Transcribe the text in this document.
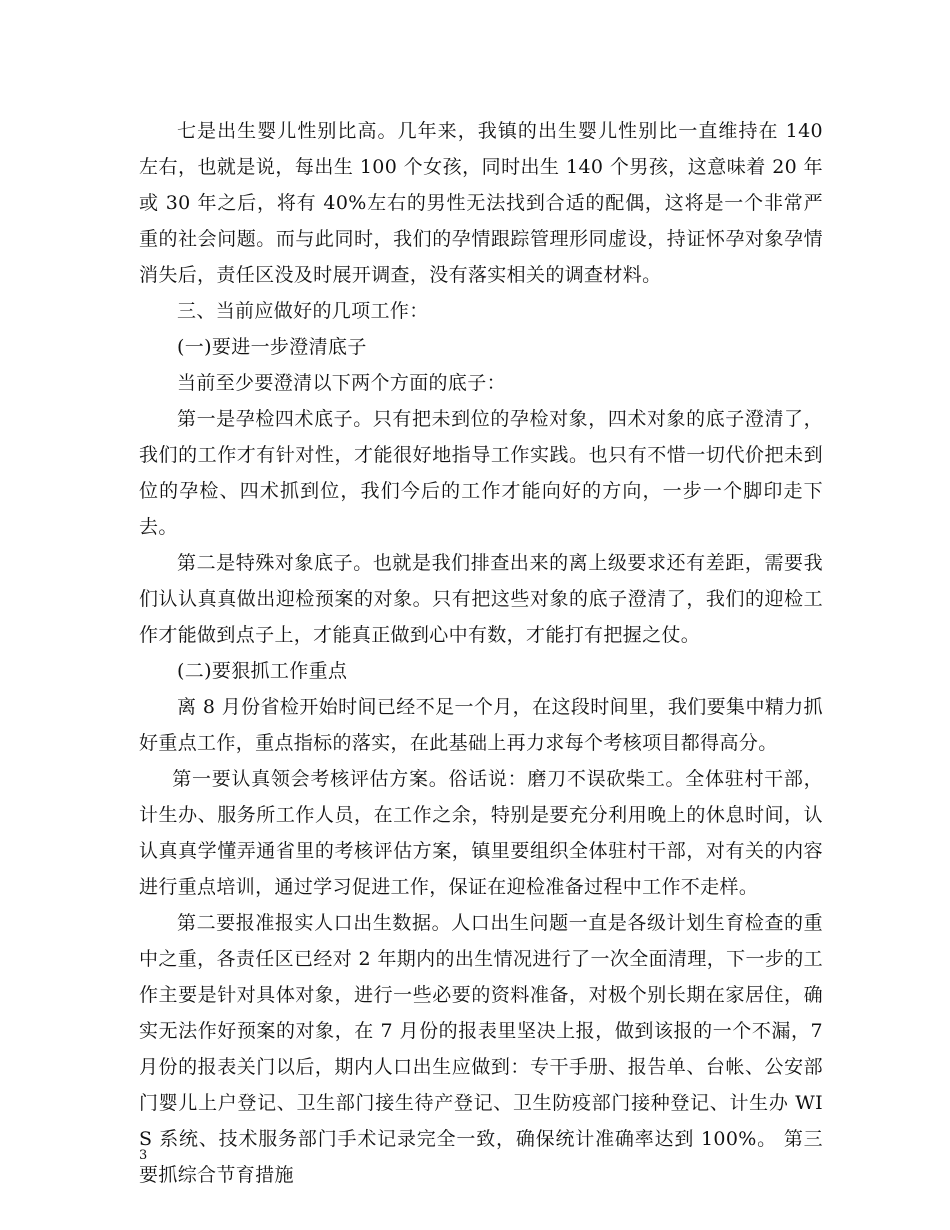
七是出生婴儿性别比高。几年来，我镇的出生婴儿性别比一直维持在 140 左右，也就是说，每出生 100 个女孩，同时出生 140 个男孩，这意味着 20 年或 30 年之后，将有 40%左右的男性无法找到合适的配偶，这将是一个非常严重的社会问题。而与此同时，我们的孕情跟踪管理形同虚设，持证怀孕对象孕情消失后，责任区没及时展开调查，没有落实相关的调查材料。

三、当前应做好的几项工作：

(一)要进一步澄清底子

当前至少要澄清以下两个方面的底子：

第一是孕检四术底子。只有把未到位的孕检对象，四术对象的底子澄清了，我们的工作才有针对性，才能很好地指导工作实践。也只有不惜一切代价把未到位的孕检、四术抓到位，我们今后的工作才能向好的方向，一步一个脚印走下去。

第二是特殊对象底子。也就是我们排查出来的离上级要求还有差距，需要我们认认真真做出迎检预案的对象。只有把这些对象的底子澄清了，我们的迎检工作才能做到点子上，才能真正做到心中有数，才能打有把握之仗。

(二)要狠抓工作重点

离 8 月份省检开始时间已经不足一个月，在这段时间里，我们要集中精力抓好重点工作，重点指标的落实，在此基础上再力求每个考核项目都得高分。

第一要认真领会考核评估方案。俗话说：磨刀不误砍柴工。全体驻村干部，计生办、服务所工作人员，在工作之余，特别是要充分利用晚上的休息时间，认认真真学懂弄通省里的考核评估方案，镇里要组织全体驻村干部，对有关的内容进行重点培训，通过学习促进工作，保证在迎检准备过程中工作不走样。

第二要报准报实人口出生数据。人口出生问题一直是各级计划生育检查的重中之重，各责任区已经对 2 年期内的出生情况进行了一次全面清理，下一步的工作主要是针对具体对象，进行一些必要的资料准备，对极个别长期在家居住，确实无法作好预案的对象，在 7 月份的报表里坚决上报，做到该报的一个不漏，7 月份的报表关门以后，期内人口出生应做到：专干手册、报告单、台帐、公安部门婴儿上户登记、卫生部门接生待产登记、卫生防疫部门接种登记、计生办 WIS 系统、技术服务部门手术记录完全一致，确保统计准确率达到 100%。 第三要抓综合节育措施

3
